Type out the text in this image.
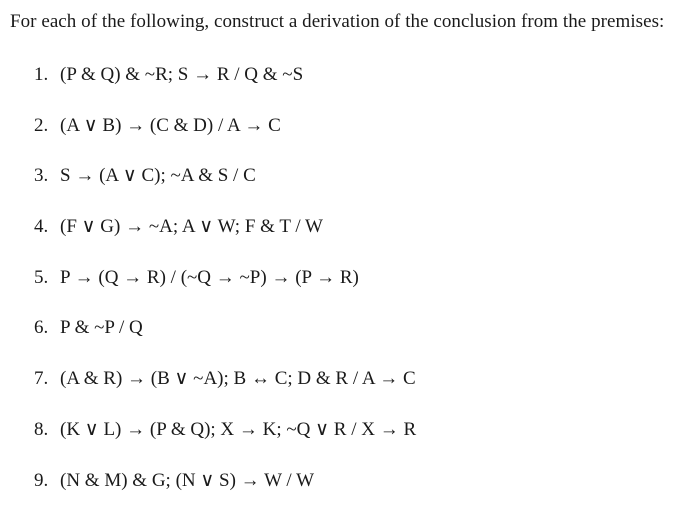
For each of the following, construct a derivation of the conclusion from the premises:
1. (P & Q) & ~R; S → R / Q & ~S
2. (A ∨ B) → (C & D) / A → C
3. S → (A ∨ C); ~A & S / C
4. (F ∨ G) → ~A; A ∨ W; F & T / W
5. P → (Q → R) / (~Q → ~P) → (P → R)
6. P & ~P / Q
7. (A & R) → (B ∨ ~A); B ↔ C; D & R / A → C
8. (K ∨ L) → (P & Q); X → K; ~Q ∨ R / X → R
9. (N & M) & G; (N ∨ S) → W / W
